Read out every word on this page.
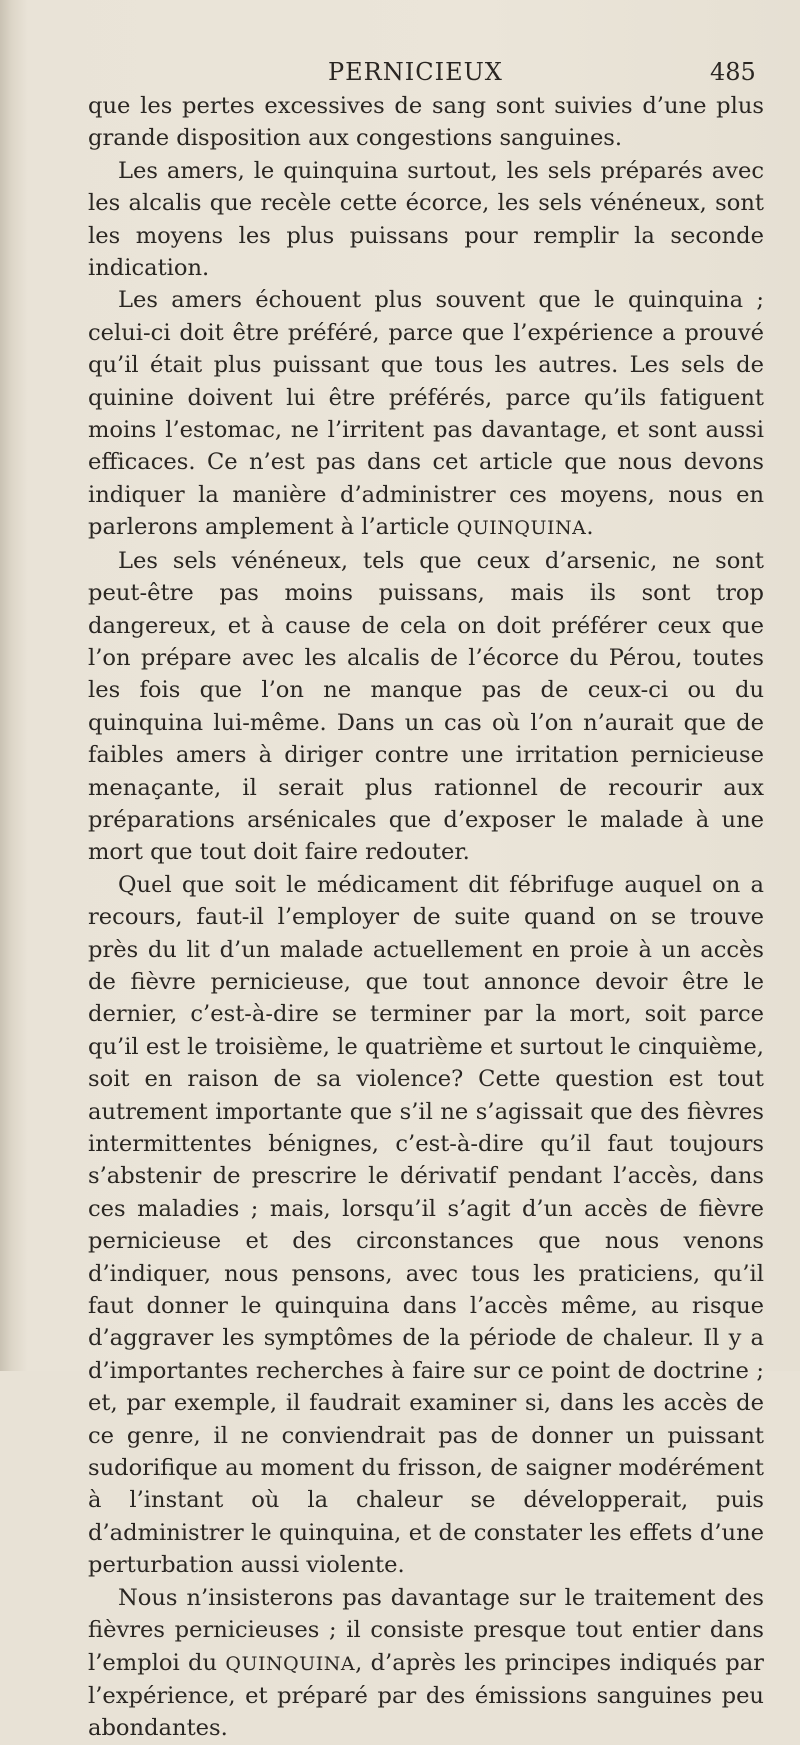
PERNICIEUX	485

que les pertes excessives de sang sont suivies d’une plus grande disposition aux congestions sanguines.

Les amers, le quinquina surtout, les sels préparés avec les alcalis que recèle cette écorce, les sels vénéneux, sont les moyens les plus puissans pour remplir la seconde indication.

Les amers échouent plus souvent que le quinquina ; celui-ci doit être préféré, parce que l’expérience a prouvé qu’il était plus puissant que tous les autres. Les sels de quinine doivent lui être préférés, parce qu’ils fatiguent moins l’estomac, ne l’irritent pas davantage, et sont aussi efficaces. Ce n’est pas dans cet article que nous devons indiquer la manière d’administrer ces moyens, nous en parlerons amplement à l’article QUINQUINA.

Les sels vénéneux, tels que ceux d’arsenic, ne sont peut-être pas moins puissans, mais ils sont trop dangereux, et à cause de cela on doit préférer ceux que l’on prépare avec les alcalis de l’écorce du Pérou, toutes les fois que l’on ne manque pas de ceux-ci ou du quinquina lui-même. Dans un cas où l’on n’aurait que de faibles amers à diriger contre une irritation pernicieuse menaçante, il serait plus rationnel de recourir aux préparations arsénicales que d’exposer le malade à une mort que tout doit faire redouter.

Quel que soit le médicament dit fébrifuge auquel on a recours, faut-il l’employer de suite quand on se trouve près du lit d’un malade actuellement en proie à un accès de fièvre pernicieuse, que tout annonce devoir être le dernier, c’est-à-dire se terminer par la mort, soit parce qu’il est le troisième, le quatrième et surtout le cinquième, soit en raison de sa violence? Cette question est tout autrement importante que s’il ne s’agissait que des fièvres intermittentes bénignes, c’est-à-dire qu’il faut toujours s’abstenir de prescrire le dérivatif pendant l’accès, dans ces maladies ; mais, lorsqu’il s’agit d’un accès de fièvre pernicieuse et des circonstances que nous venons d’indiquer, nous pensons, avec tous les praticiens, qu’il faut donner le quinquina dans l’accès même, au risque d’aggraver les symptômes de la période de chaleur. Il y a d’importantes recherches à faire sur ce point de doctrine ; et, par exemple, il faudrait examiner si, dans les accès de ce genre, il ne conviendrait pas de donner un puissant sudorifique au moment du frisson, de saigner modérément à l’instant où la chaleur se développerait, puis d’administrer le quinquina, et de constater les effets d’une perturbation aussi violente.

Nous n’insisterons pas davantage sur le traitement des fièvres pernicieuses ; il consiste presque tout entier dans l’emploi du QUINQUINA, d’après les principes indiqués par l’expérience, et préparé par des émissions sanguines peu abondantes.
